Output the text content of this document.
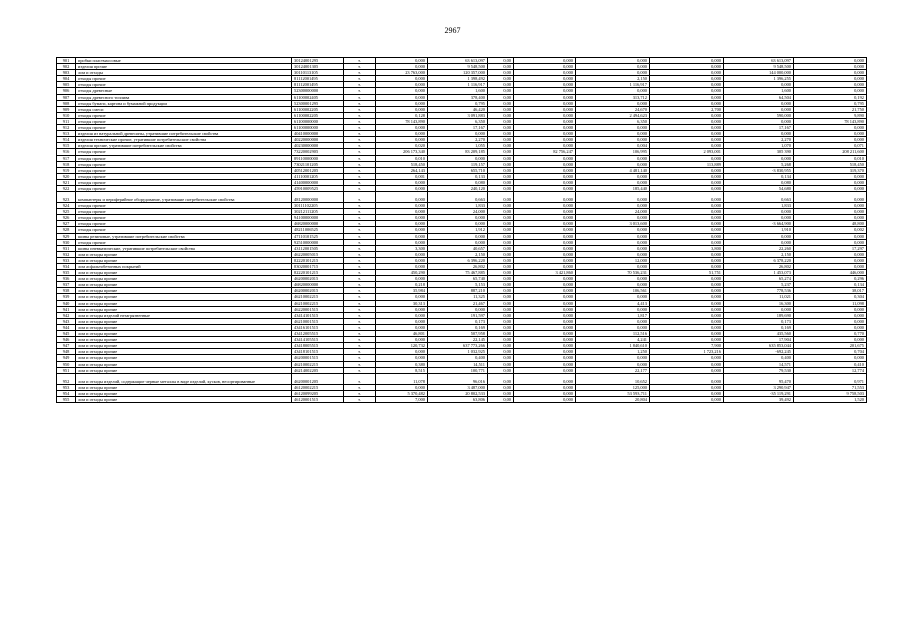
2967
901	пробки пластмассовые	30124001295	т.	0,000	63 613,097	0,00	0,000	0,000	0,000	63 613,097	0,000
902	изделия прочие	30124001305	т.	0,000	9 548,500	0,00	0,000	0,000	0,000	9 548,500	0,000
903	лом и отходы	30110113105	т.	23 763,000	120 357,000	0,00	0,000	0,000	0,000	144 000,000	0,000
904	отходы прочие	81112001495	т.	0,000	1 398,492	0,00	0,000	2,150	0,000	1 396,255	0,000
905	отходы прочие	81112001495	т.	0,000	1 116,917	0,00	0,000	1 116,917	0,000	0,000	0,000
906	отходы древесные	52300000000	т.	0,000	1,600	0,00	0,000	0,000	0,000	1,600	0,000
907	отходы древесного топлива	61100002405	т.	0,000	378,400	0,00	0,000	313,712	0,000	64,504	0,192
908	отходы бумаги, картона и бумажной продукции	52300001295	т.	0,000	0,795	0,00	0,000	0,000	0,000	0,000	0,795
909	отходы смеси	61100002205	т.	0,000	46,420	0,00	0,000	24,670	2,700	0,000	21,750
910	отходы прочие	61100002205	т.	0,128	3 091,883	0,00	0,000	2 494,623	0,000	590,000	9,890
911	отходы прочие	61100000000	т.	78 143,890	6,350	0,00	0,000	6,350	0,000	0,000	78 143,890
912	отходы прочие	61100000000	т.	0,000	17,167	0,00	0,000	0,000	0,000	17,167	0,000
913	изделия из натуральной древесины, утратившие потребительские свойства	40410000000	т.	0,000	0,000	0,00	0,000	0,000	0,000	0,000	0,000
914	изделия технические прочие, утратившие потребительские свойства	40220000000	т.	0,000	2,270	0,00	0,000	0,000	0,000	2,270	0,000
915	изделия прочие, утратившие потребительские свойства	40230000000	т.	0,020	1,055	0,00	0,000	0,004	0,000	1,070	0,071
916	отходы прочие	73220002905	т.	206 173,340	83 209,185	0,00	82 756,247	106,995	2 093,001	305 390	208 211,600
917	отходы прочие	89110000000	т.	0,010	0,000	0,00	0,000	0,000	0,000	0,000	0,010
918	отходы прочие	73021101205	т.	518,450	119,157	0,00	0,000	0,000	113,889	5,268	518,450
919	отходы прочие	40512001205	т.	264,143	655,710	0,00	0,000	4 481,140	0,000	-3 830,955	319,370
920	отходы прочие	41110001205	т.	0,001	0,133	0,00	0,000	0,000	0,000	0,134	0,000
921	отходы прочие	41400000000	т.	0,000	0,080	0,00	0,000	0,000	0,000	0,080	0,000
922	отходы прочие	45910009525	т.	0,000	240,120	0,00	0,000	185,440	0,000	54,680	0,000
923	компьютеры и периферийное оборудование, утратившие потребительские свойства	48120000000	т.	0,000	0,663	0,00	0,000	0,000	0,000	0,663	0,000
924	отходы прочие	30111102205	т.	0,000	1,833	0,00	0,000	0,000	0,000	1,833	0,000
925	отходы прочие	30212111205	т.	0,000	24,000	0,00	0,000	24,000	0,000	0,000	0,000
926	отходы прочие	94100000000	т.	0,000	0,000	0,00	0,000	0,000	0,000	0,000	0,000
927	отходы прочие	46820000000	т.	0,000	0,000	0,00	0,000	3 013,600	0,000	-3 664,900	48,800
928	отходы прочие	48211006525	т.	0,000	1,912	0,00	0,000	0,000	0,000	1,910	0,002
929	шины резиновые, утратившие потребительские свойства	47110101525	т.	0,000	0,000	0,00	0,000	0,000	0,000	0,000	0,000
930	отходы прочие	92510000000	т.	0,000	0,000	0,00	0,000	0,000	0,000	0,000	0,000
931	шины пневматические, утратившие потребительские свойства	43112001505	т.	3,300	40,657	0,00	0,000	0,000	3,800	22,260	17,297
932	лом и отходы прочие	46220005015	т.	0,000	2,150	0,00	0,000	0,000	0,000	2,150	0,000
933	лом и отходы прочие	82220101215	т.	0,000	6 396,220	0,00	0,000	12,000	0,000	6 378,220	0,000
934	лом асфальтобетонных покрытий	83020001715	т.	0,000	26,802	0,00	0,000	0,000	0,000	26,802	0,000
935	лом и отходы прочие	82220101215	т.	450,290	75 467,885	0,00	3 421,860	70 536,231	51,751	1 453,073	446,000
936	лом и отходы прочие	46200002015	т.	0,000	65,740	0,00	0,000	0,000	0,000	65,274	0,296
937	лом и отходы прочие	46820000000	т.	0,218	5,153	0,00	0,000	0,000	0,000	5,237	0,134
938	лом и отходы прочие	46200002015	т.	35,984	887,210	0,00	0,000	106,561	0,000	778,536	38,017
939	лом и отходы прочие	46210002215	т.	0,000	11,325	0,00	0,000	0,000	0,000	11,021	0,304
940	лом и отходы прочие	46210002215	т.	30,313	21,467	0,00	0,000	4,413	0,000	16,300	11,098
941	лом и отходы прочие	46220001515	т.	0,000	0,000	0,00	0,000	0,000	0,000	0,000	0,000
942	лом и отходы изделий незагрязненные	43414101515	т.	0,000	191,597	0,00	0,000	1,817	0,000	189,690	0,000
943	лом и отходы прочие	46210001515	т.	0,000	0,173	0,00	0,000	0,000	0,000	0,173	0,000
944	лом и отходы прочие	43416101515	т.	0,000	0,169	0,00	0,000	0,000	0,000	0,169	0,000
945	лом и отходы прочие	43412005515	т.	46,801	507,958	0,00	0,000	112,516	0,000	435,560	0,770
946	лом и отходы прочие	43414105515	т.	0,000	22,145	0,00	0,000	4,241	0,000	17,904	0,000
947	лом и отходы прочие	43418005515	т.	120,732	637 773,266	0,00	0,000	1 840,610	7,900	635 853,044	201,675
948	лом и отходы прочие	43418101515	т.	0,000	1 032,925	0,00	0,000	1,250	1 723,216	-692,245	0,704
949	лом и отходы прочие	46200001515	т.	0,000	0,400	0,00	0,000	0,000	0,000	0,400	0,000
950	лом и отходы прочие	46210002215	т.	0,380	14,511	0,00	0,000	0,000	0,000	14,571	0,410
951	лом и отходы прочие	46214002205	т.	8,515	100,771	0,00	0,000	22,177	0,000	79,530	12,774
952	лом и отходы изделий, содержащие черные металлы в виде изделий, кусков, несортированные	46200001205	т.	11,078	96,016	0,00	0,000	10,652	0,000	95,470	0,971
953	лом и отходы прочие	46120002215	т.	0,000	3 487,000	0,00	0,000	125,000	0,000	3 290,947	71,553
954	лом и отходы прочие	46120099205	т.	5 370,482	20 802,533	0,00	0,000	53 593,711	0,000	-35 119,291	9 758,503
955	лом и отходы прочие	46120001515	т.	7,000	63,806	0,00	0,000	20,804	0,000	39,492	1,520
